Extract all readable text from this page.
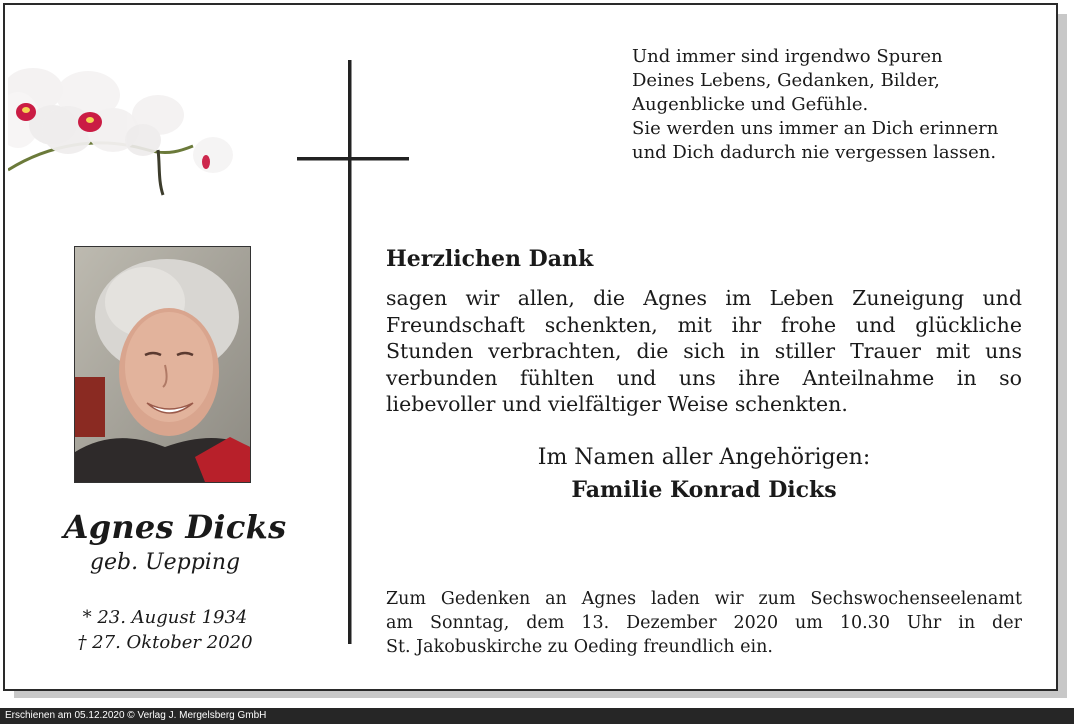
Agnes Dicks
geb. Uepping
* 23. August 1934
† 27. Oktober 2020
Und immer sind irgendwo Spuren
Deines Lebens, Gedanken, Bilder,
Augenblicke und Gefühle.
Sie werden uns immer an Dich erinnern
und Dich dadurch nie vergessen lassen.
Herzlichen Dank
sagen wir allen, die Agnes im Leben Zuneigung und
Freundschaft schenkten, mit ihr frohe und glückliche
Stunden verbrachten, die sich in stiller Trauer mit uns
verbunden fühlten und uns ihre Anteilnahme in so
liebevoller und vielfältiger Weise schenkten.
Im Namen aller Angehörigen:
Familie Konrad Dicks
Zum Gedenken an Agnes laden wir zum Sechswochenseelenamt
am Sonntag, dem 13. Dezember 2020 um 10.30 Uhr in der
St. Jakobuskirche zu Oeding freundlich ein.
Erschienen am 05.12.2020 © Verlag J. Mergelsberg GmbH
